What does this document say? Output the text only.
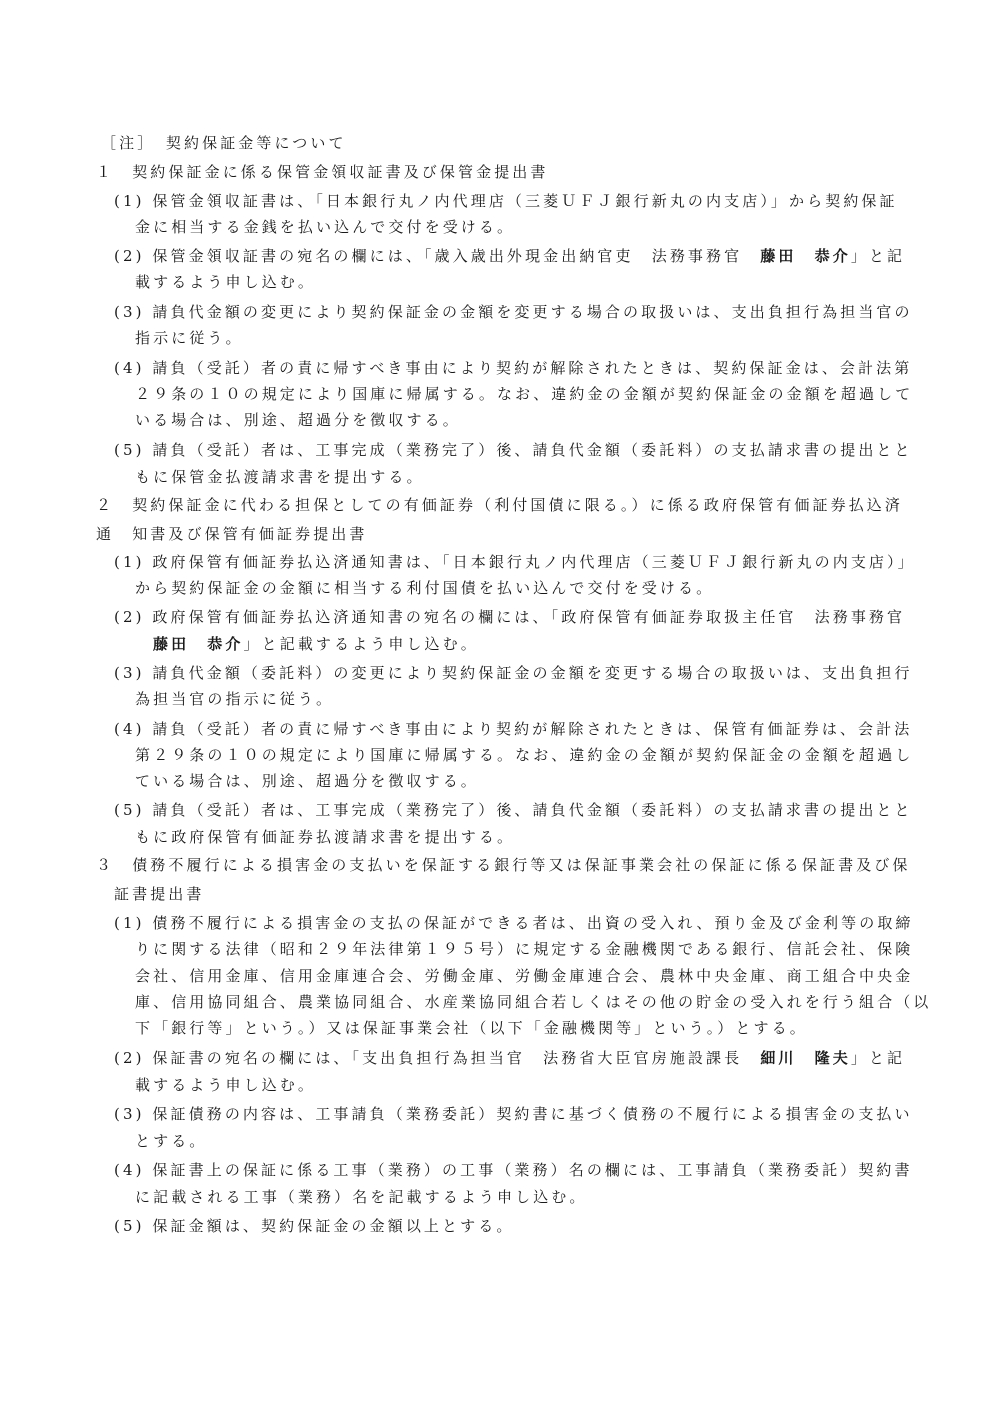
［注］　契約保証金等について
１　契約保証金に係る保管金領収証書及び保管金提出書
(1) 保管金領収証書は、「日本銀行丸ノ内代理店（三菱ＵＦＪ銀行新丸の内支店）」から契約保証
金に相当する金銭を払い込んで交付を受ける。
(2) 保管金領収証書の宛名の欄には、「歳入歳出外現金出納官吏　法務事務官　藤田　恭介」と記
載するよう申し込む。
(3) 請負代金額の変更により契約保証金の金額を変更する場合の取扱いは、支出負担行為担当官の
指示に従う。
(4) 請負（受託）者の責に帰すべき事由により契約が解除されたときは、契約保証金は、会計法第
２９条の１０の規定により国庫に帰属する。なお、違約金の金額が契約保証金の金額を超過して
いる場合は、別途、超過分を徴収する。
(5) 請負（受託）者は、工事完成（業務完了）後、請負代金額（委託料）の支払請求書の提出とと
もに保管金払渡請求書を提出する。
２　契約保証金に代わる担保としての有価証券（利付国債に限る。）に係る政府保管有価証券払込済
通　知書及び保管有価証券提出書
(1) 政府保管有価証券払込済通知書は、「日本銀行丸ノ内代理店（三菱ＵＦＪ銀行新丸の内支店）」
から契約保証金の金額に相当する利付国債を払い込んで交付を受ける。
(2) 政府保管有価証券払込済通知書の宛名の欄には、「政府保管有価証券取扱主任官　法務事務官
藤田　恭介」と記載するよう申し込む。
(3) 請負代金額（委託料）の変更により契約保証金の金額を変更する場合の取扱いは、支出負担行
為担当官の指示に従う。
(4) 請負（受託）者の責に帰すべき事由により契約が解除されたときは、保管有価証券は、会計法
第２９条の１０の規定により国庫に帰属する。なお、違約金の金額が契約保証金の金額を超過し
ている場合は、別途、超過分を徴収する。
(5) 請負（受託）者は、工事完成（業務完了）後、請負代金額（委託料）の支払請求書の提出とと
もに政府保管有価証券払渡請求書を提出する。
３　債務不履行による損害金の支払いを保証する銀行等又は保証事業会社の保証に係る保証書及び保
証書提出書
(1) 債務不履行による損害金の支払の保証ができる者は、出資の受入れ、預り金及び金利等の取締
りに関する法律（昭和２９年法律第１９５号）に規定する金融機関である銀行、信託会社、保険
会社、信用金庫、信用金庫連合会、労働金庫、労働金庫連合会、農林中央金庫、商工組合中央金
庫、信用協同組合、農業協同組合、水産業協同組合若しくはその他の貯金の受入れを行う組合（以
下「銀行等」という。）又は保証事業会社（以下「金融機関等」という。）とする。
(2) 保証書の宛名の欄には、「支出負担行為担当官　法務省大臣官房施設課長　細川　隆夫」と記
載するよう申し込む。
(3) 保証債務の内容は、工事請負（業務委託）契約書に基づく債務の不履行による損害金の支払い
とする。
(4) 保証書上の保証に係る工事（業務）の工事（業務）名の欄には、工事請負（業務委託）契約書
に記載される工事（業務）名を記載するよう申し込む。
(5) 保証金額は、契約保証金の金額以上とする。
